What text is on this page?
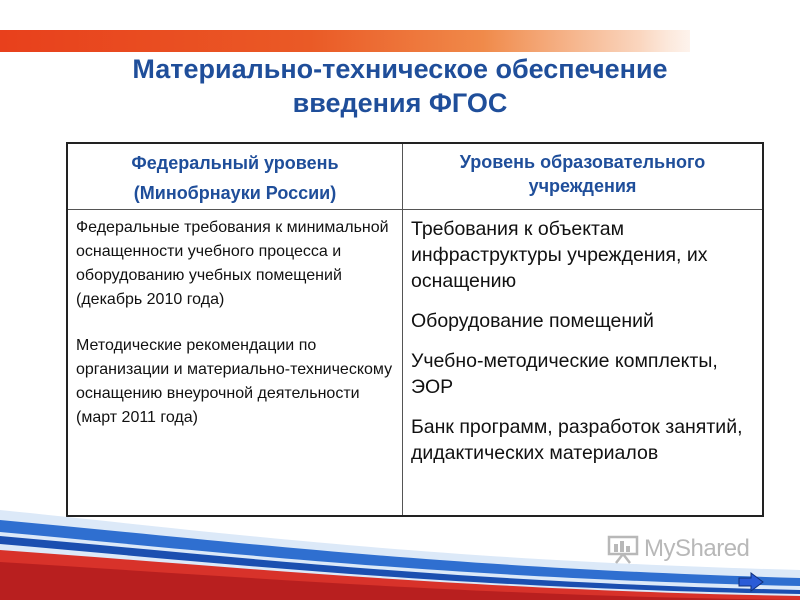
Материально-техническое обеспечение
введения ФГОС
Федеральный уровень
(Минобрнауки России)

Федеральные требования к минимальной оснащенности учебного процесса и оборудованию учебных помещений (декабрь 2010 года)

Методические рекомендации по организации и материально-техническому оснащению внеурочной деятельности (март 2011 года)

Уровень образовательного
учреждения

Требования к объектам инфраструктуры учреждения, их оснащению

Оборудование помещений

Учебно-методические комплекты, ЭОР

Банк программ, разработок занятий, дидактических материалов

MyShared
